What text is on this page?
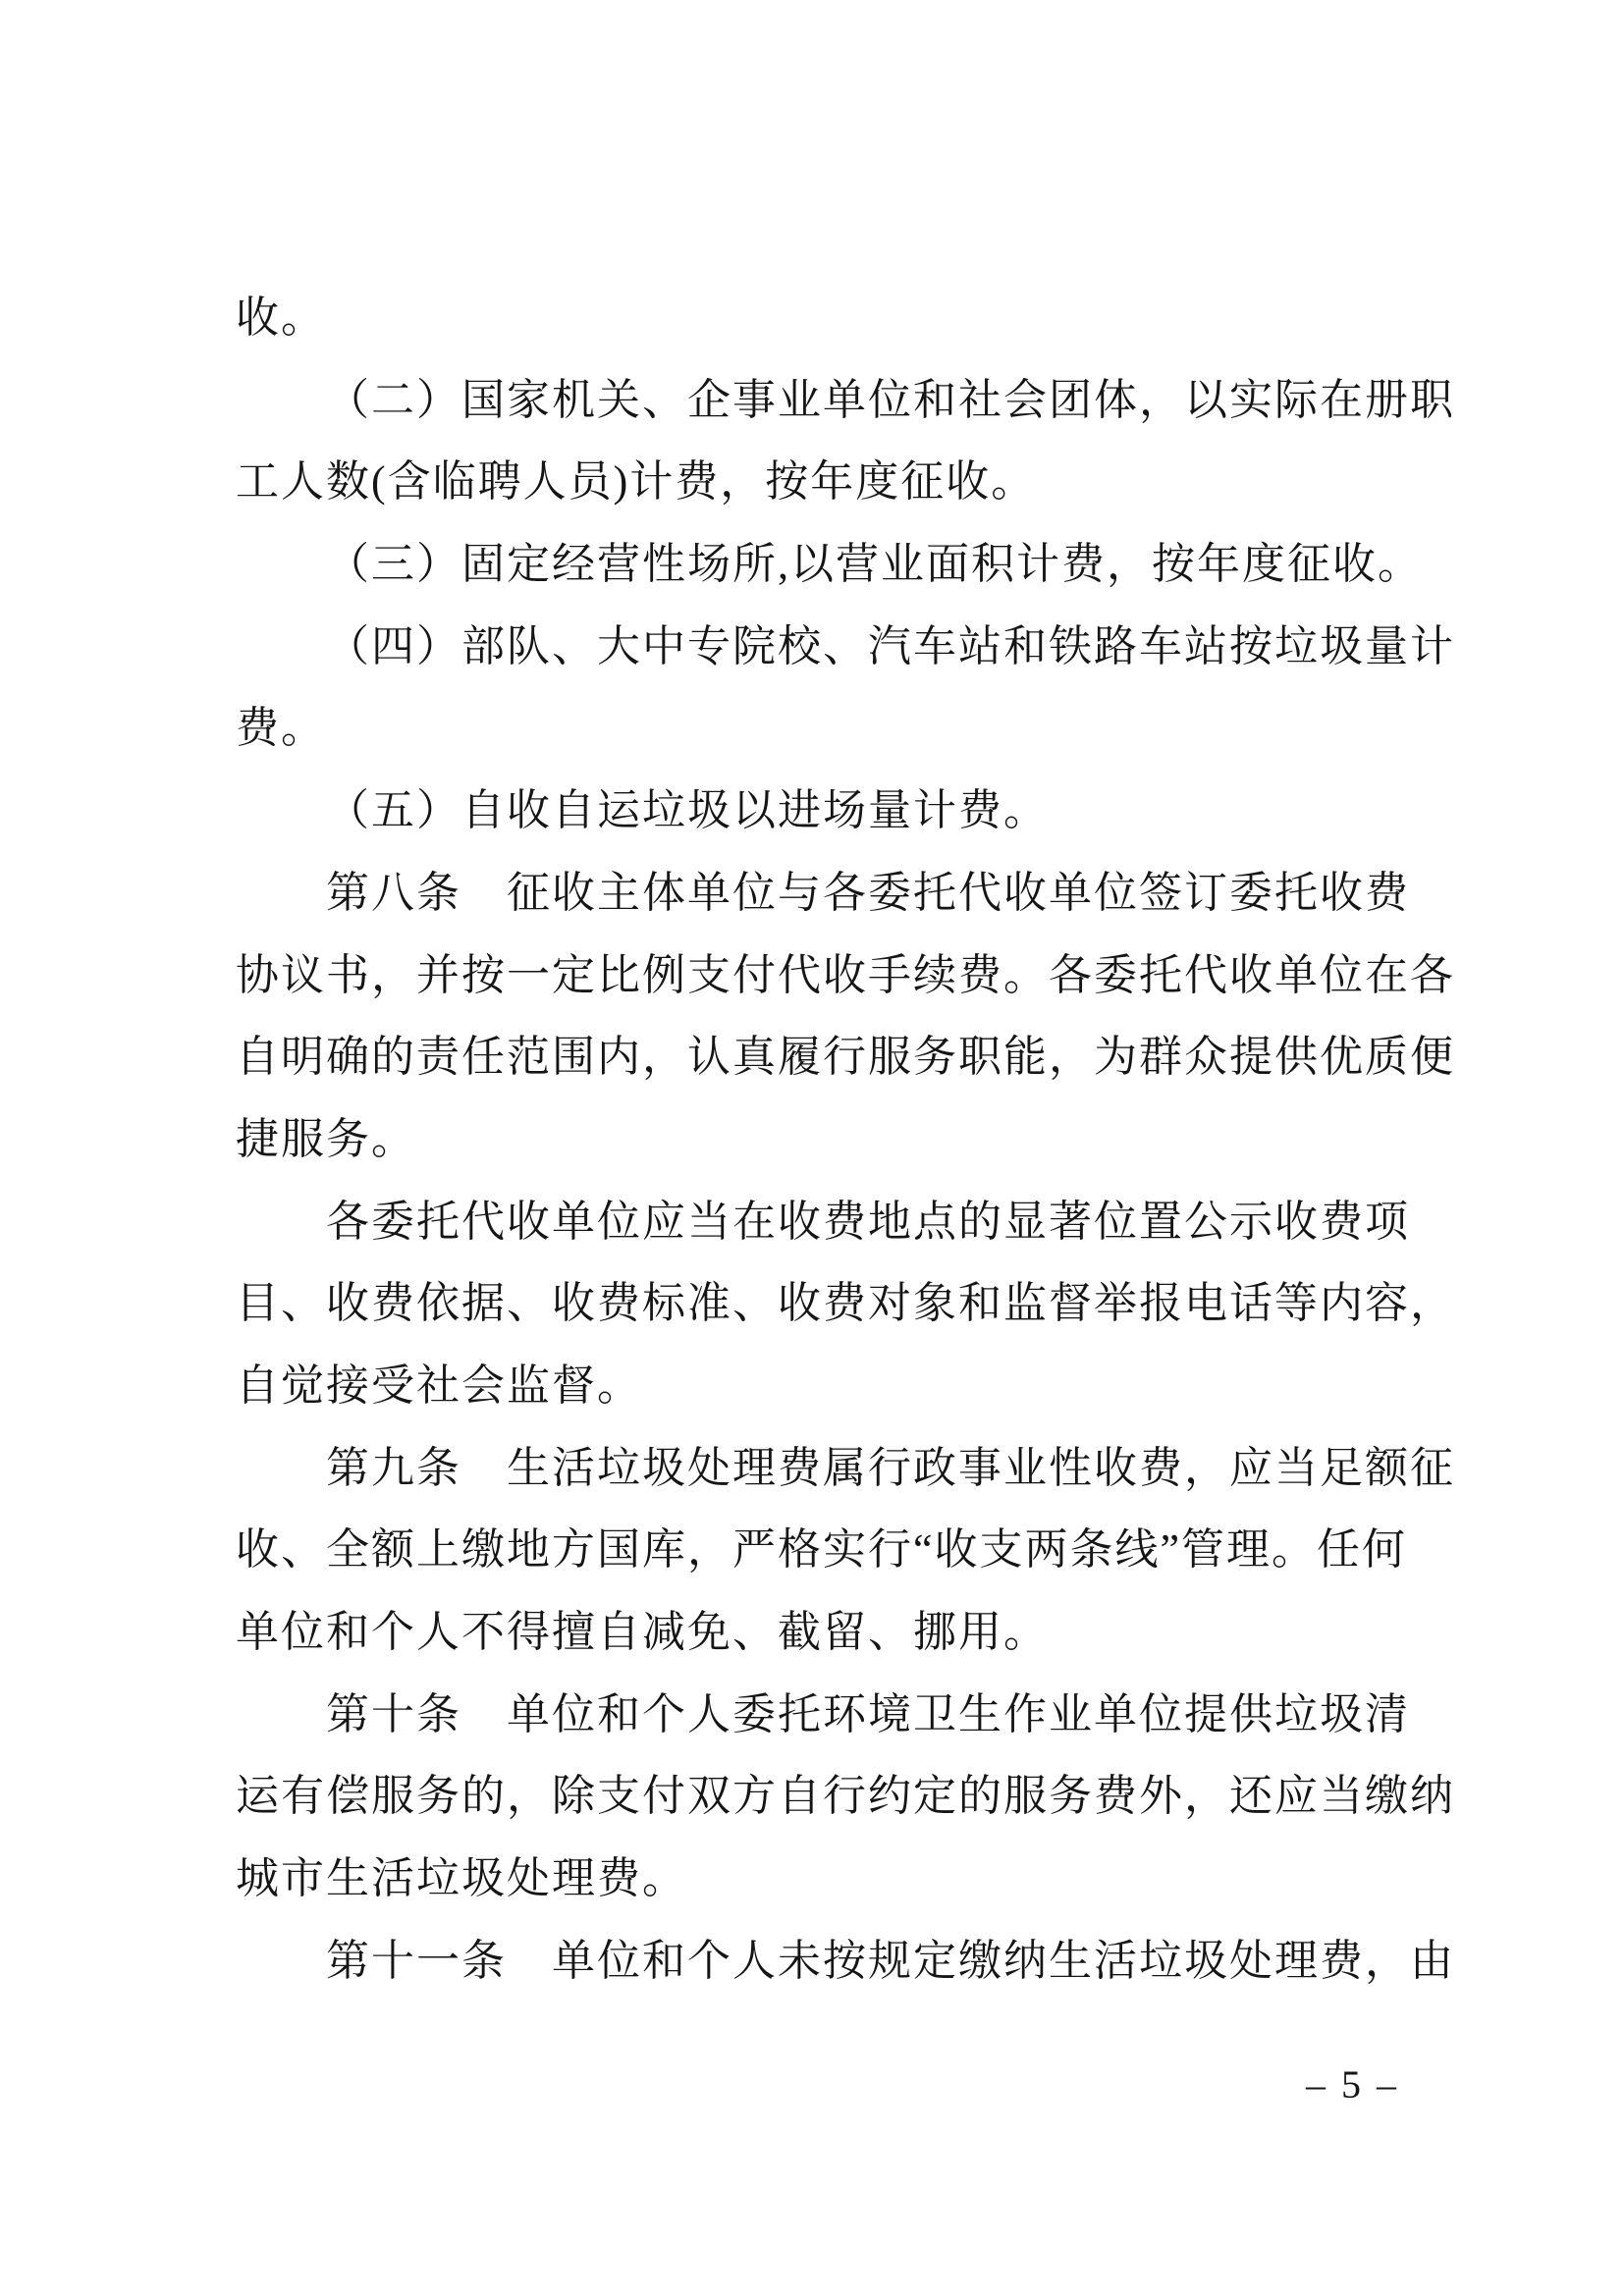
收。
（二）国家机关、企事业单位和社会团体，以实际在册职
工人数(含临聘人员)计费，按年度征收。
（三）固定经营性场所,以营业面积计费，按年度征收。
（四）部队、大中专院校、汽车站和铁路车站按垃圾量计
费。
（五）自收自运垃圾以进场量计费。
第八条　征收主体单位与各委托代收单位签订委托收费
协议书，并按一定比例支付代收手续费。各委托代收单位在各
自明确的责任范围内，认真履行服务职能，为群众提供优质便
捷服务。
各委托代收单位应当在收费地点的显著位置公示收费项
目、收费依据、收费标准、收费对象和监督举报电话等内容，
自觉接受社会监督。
第九条　生活垃圾处理费属行政事业性收费，应当足额征
收、全额上缴地方国库，严格实行“收支两条线”管理。任何
单位和个人不得擅自减免、截留、挪用。
第十条　单位和个人委托环境卫生作业单位提供垃圾清
运有偿服务的，除支付双方自行约定的服务费外，还应当缴纳
城市生活垃圾处理费。
第十一条　单位和个人未按规定缴纳生活垃圾处理费，由
– 5 –
